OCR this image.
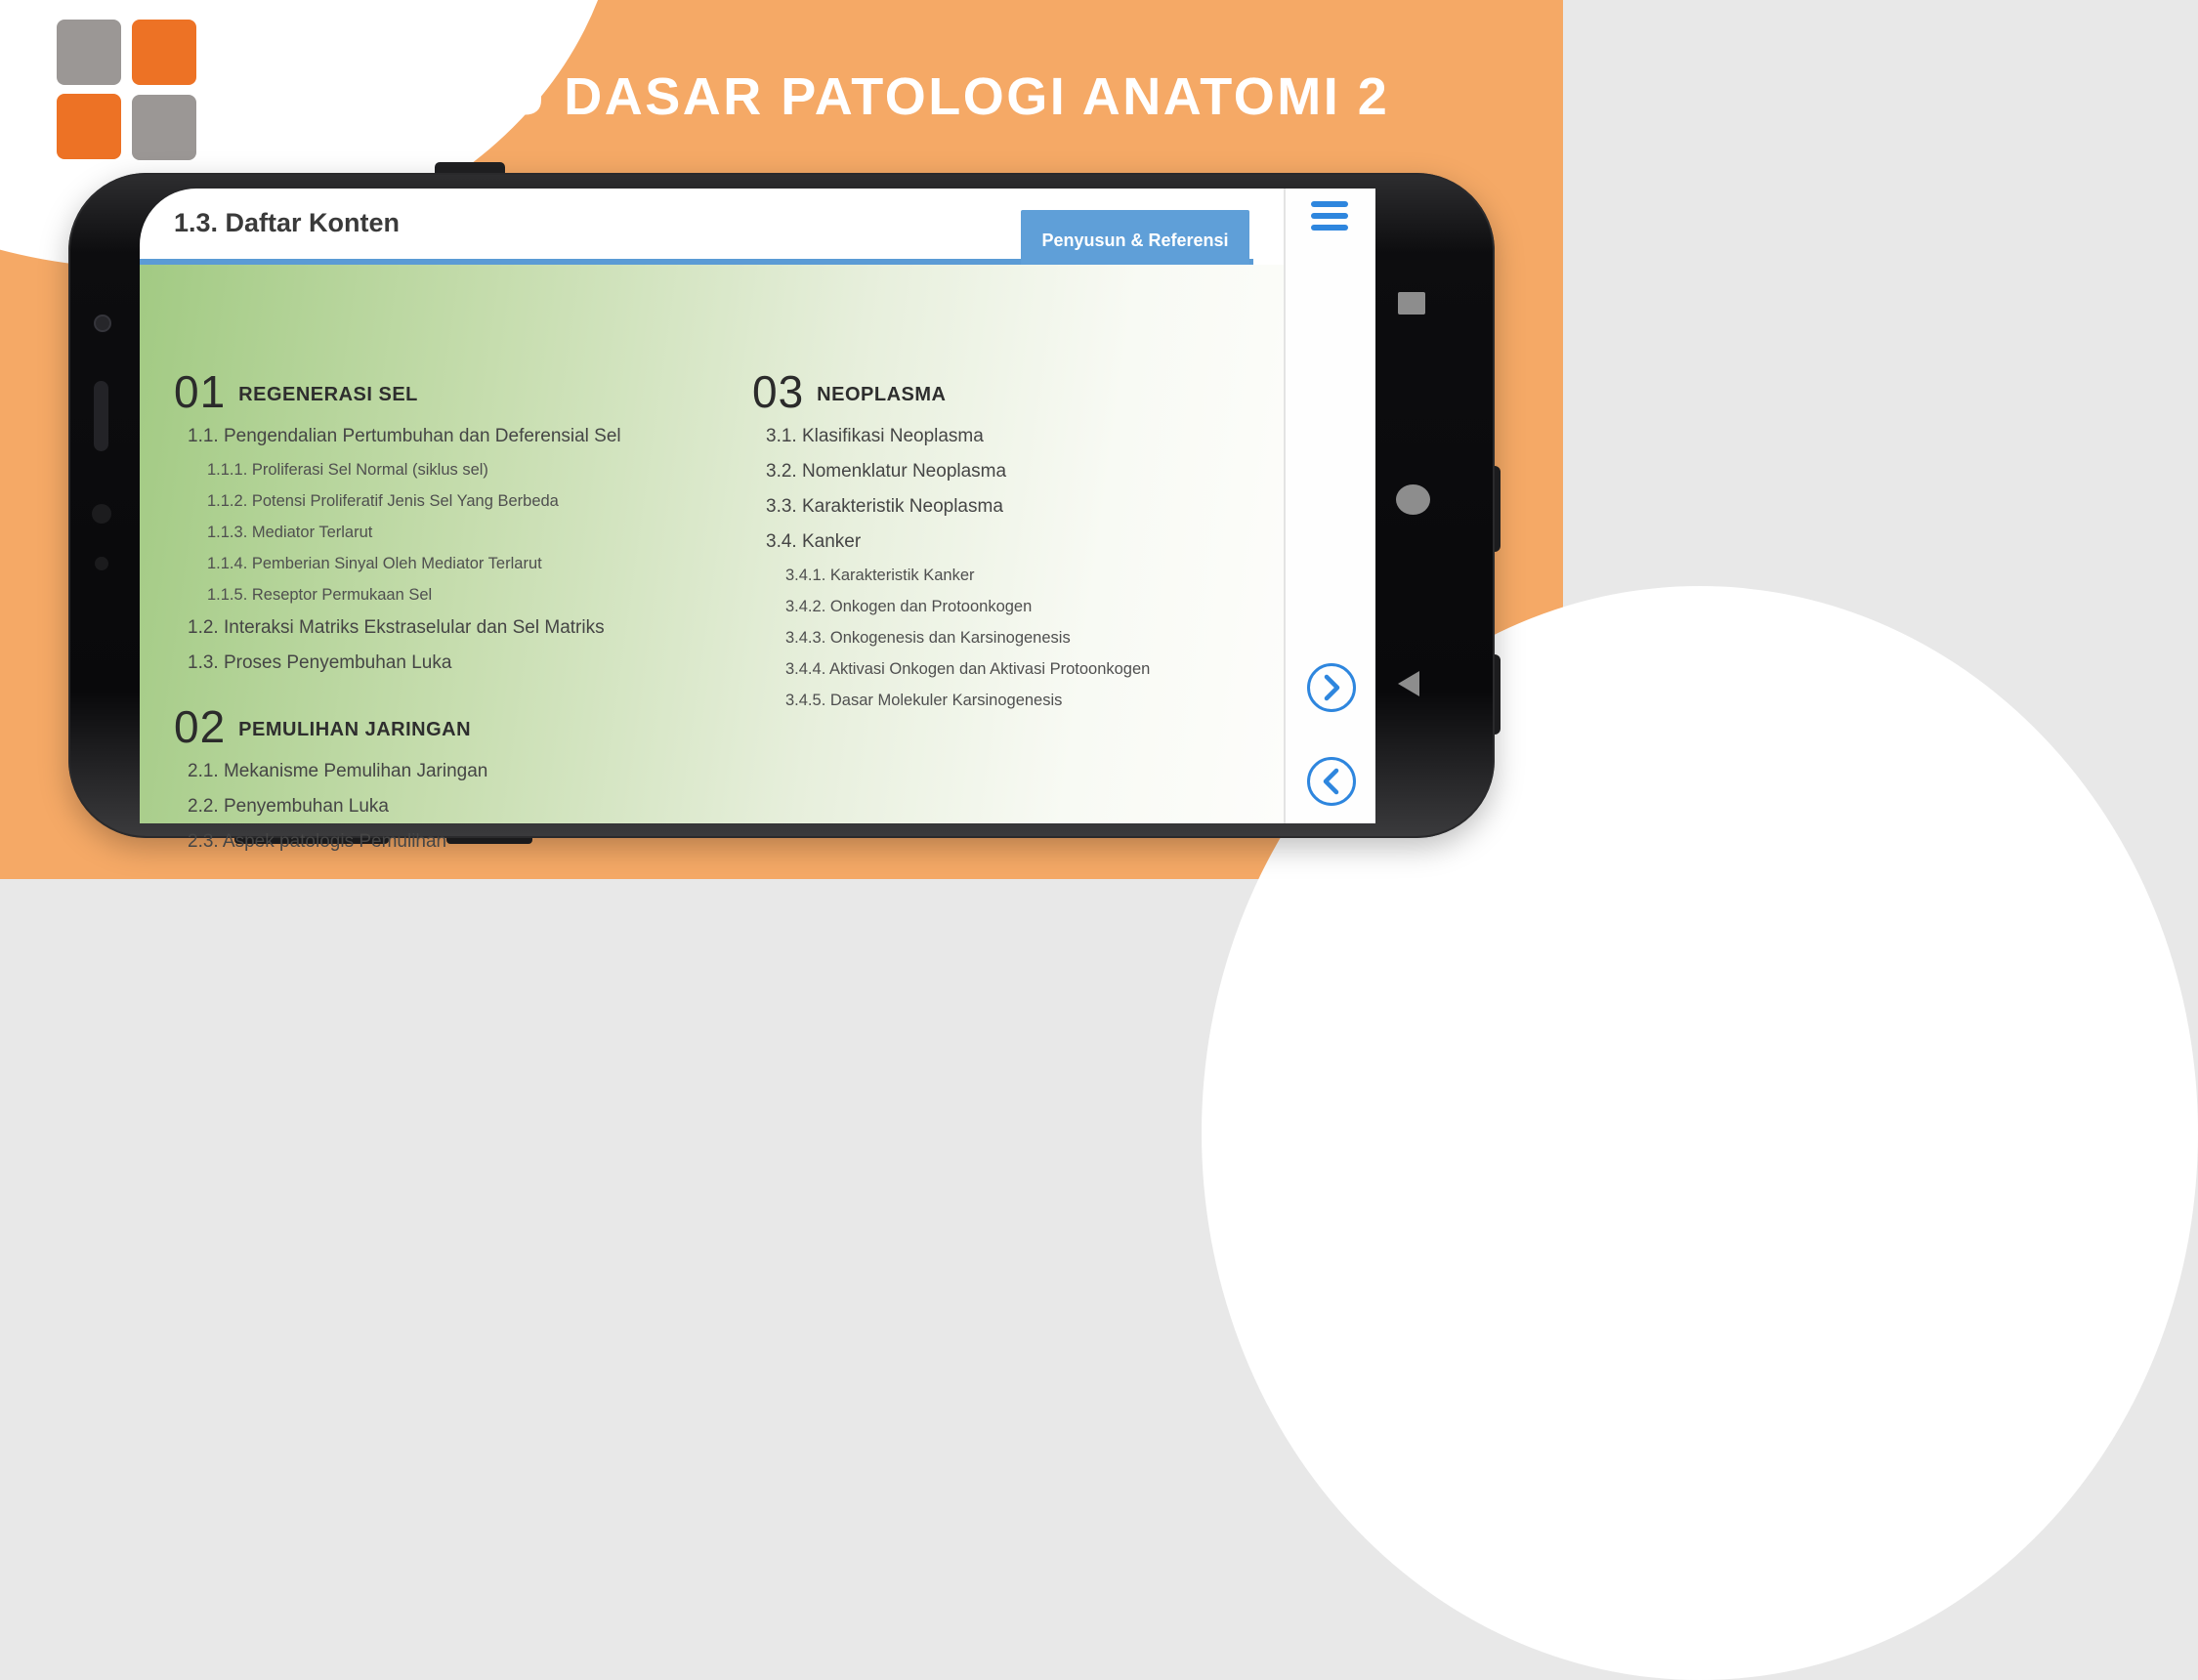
ILMU DASAR PATOLOGI ANATOMI 2
1.3. Daftar Konten
Penyusun & Referensi
01 REGENERASI SEL
1.1. Pengendalian Pertumbuhan dan Deferensial Sel
1.1.1. Proliferasi Sel Normal (siklus sel)
1.1.2. Potensi Proliferatif Jenis Sel Yang Berbeda
1.1.3. Mediator Terlarut
1.1.4. Pemberian Sinyal Oleh Mediator Terlarut
1.1.5. Reseptor Permukaan Sel
1.2. Interaksi Matriks Ekstraselular dan Sel Matriks
1.3. Proses Penyembuhan Luka
02 PEMULIHAN JARINGAN
2.1. Mekanisme Pemulihan Jaringan
2.2. Penyembuhan Luka
2.3. Aspek patologis Pemulihan
03 NEOPLASMA
3.1. Klasifikasi Neoplasma
3.2. Nomenklatur Neoplasma
3.3. Karakteristik Neoplasma
3.4. Kanker
3.4.1. Karakteristik Kanker
3.4.2. Onkogen dan Protoonkogen
3.4.3. Onkogenesis dan Karsinogenesis
3.4.4. Aktivasi Onkogen dan Aktivasi Protoonkogen
3.4.5. Dasar Molekuler Karsinogenesis
